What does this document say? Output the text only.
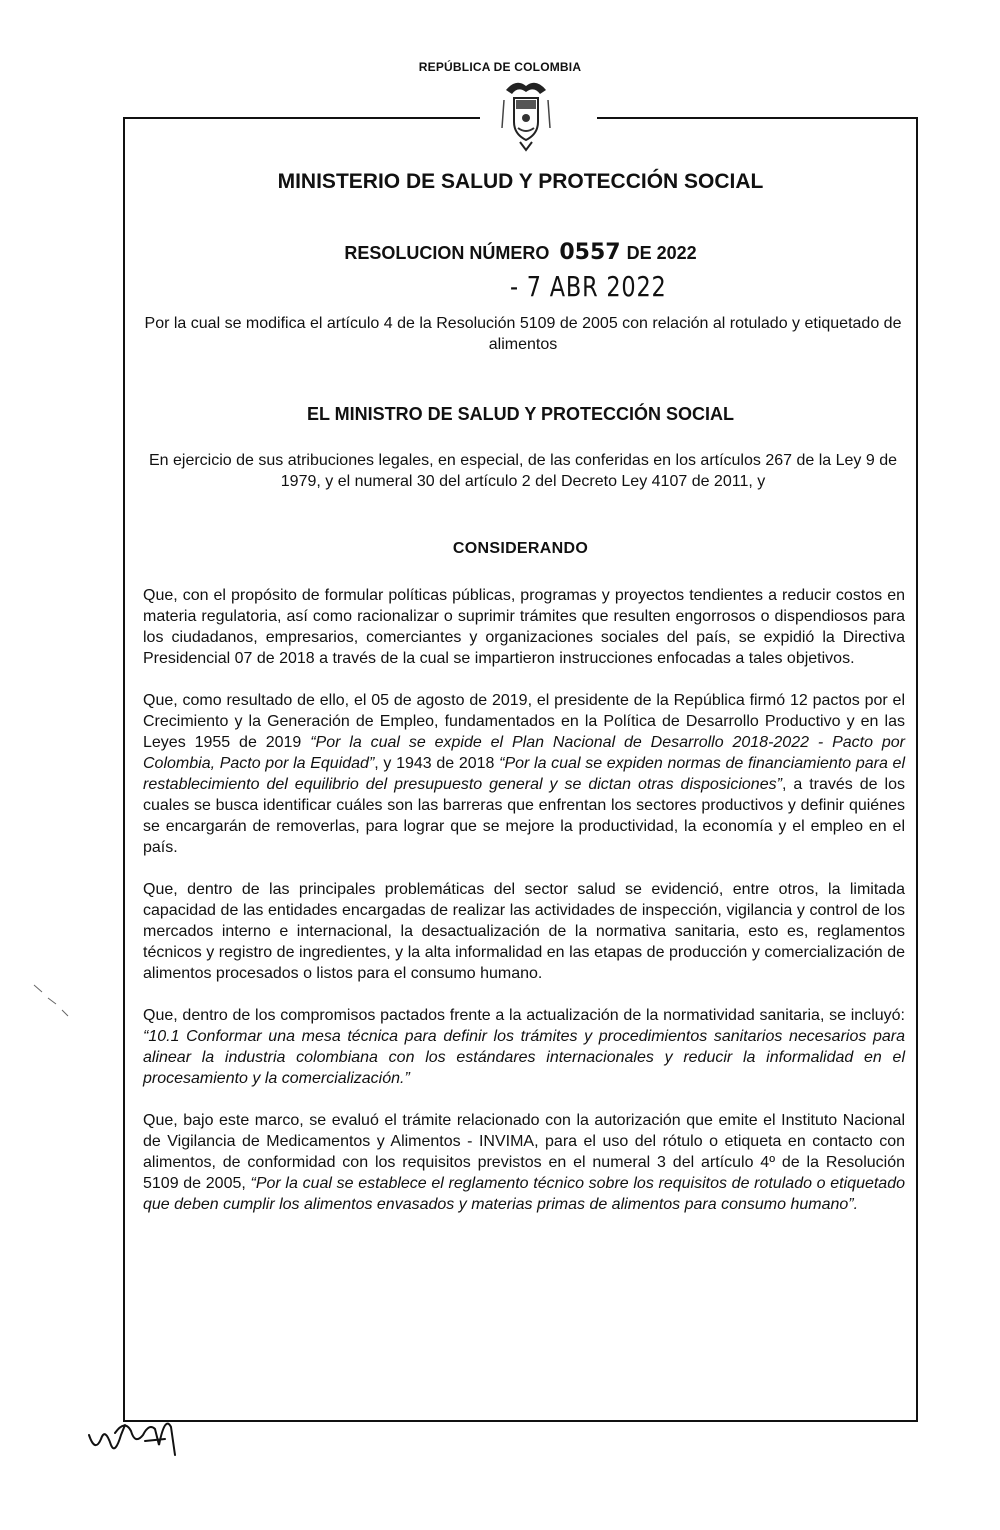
REPÚBLICA DE COLOMBIA
MINISTERIO DE SALUD Y PROTECCIÓN SOCIAL
RESOLUCION NÚMERO 0557 DE 2022
- 7 ABR 2022
Por la cual se modifica el artículo 4 de la Resolución 5109 de 2005 con relación al rotulado y etiquetado de alimentos
EL MINISTRO DE SALUD Y PROTECCIÓN SOCIAL
En ejercicio de sus atribuciones legales, en especial, de las conferidas en los artículos 267 de la Ley 9 de 1979, y el numeral 30 del artículo 2 del Decreto Ley 4107 de 2011, y
CONSIDERANDO

Que, con el propósito de formular políticas públicas, programas y proyectos tendientes a reducir costos en materia regulatoria, así como racionalizar o suprimir trámites que resulten engorrosos o dispendiosos para los ciudadanos, empresarios, comerciantes y organizaciones sociales del país, se expidió la Directiva Presidencial 07 de 2018 a través de la cual se impartieron instrucciones enfocadas a tales objetivos.

Que, como resultado de ello, el 05 de agosto de 2019, el presidente de la República firmó 12 pactos por el Crecimiento y la Generación de Empleo, fundamentados en la Política de Desarrollo Productivo y en las Leyes 1955 de 2019 “Por la cual se expide el Plan Nacional de Desarrollo 2018-2022 - Pacto por Colombia, Pacto por la Equidad”, y 1943 de 2018 “Por la cual se expiden normas de financiamiento para el restablecimiento del equilibrio del presupuesto general y se dictan otras disposiciones”, a través de los cuales se busca identificar cuáles son las barreras que enfrentan los sectores productivos y definir quiénes se encargarán de removerlas, para lograr que se mejore la productividad, la economía y el empleo en el país.

Que, dentro de las principales problemáticas del sector salud se evidenció, entre otros, la limitada capacidad de las entidades encargadas de realizar las actividades de inspección, vigilancia y control de los mercados interno e internacional, la desactualización de la normativa sanitaria, esto es, reglamentos técnicos y registro de ingredientes, y la alta informalidad en las etapas de producción y comercialización de alimentos procesados o listos para el consumo humano.

Que, dentro de los compromisos pactados frente a la actualización de la normatividad sanitaria, se incluyó: “10.1 Conformar una mesa técnica para definir los trámites y procedimientos sanitarios necesarios para alinear la industria colombiana con los estándares internacionales y reducir la informalidad en el procesamiento y la comercialización.”

Que, bajo este marco, se evaluó el trámite relacionado con la autorización que emite el Instituto Nacional de Vigilancia de Medicamentos y Alimentos - INVIMA, para el uso del rótulo o etiqueta en contacto con alimentos, de conformidad con los requisitos previstos en el numeral 3 del artículo 4º de la Resolución 5109 de 2005, “Por la cual se establece el reglamento técnico sobre los requisitos de rotulado o etiquetado que deben cumplir los alimentos envasados y materias primas de alimentos para consumo humano”.
